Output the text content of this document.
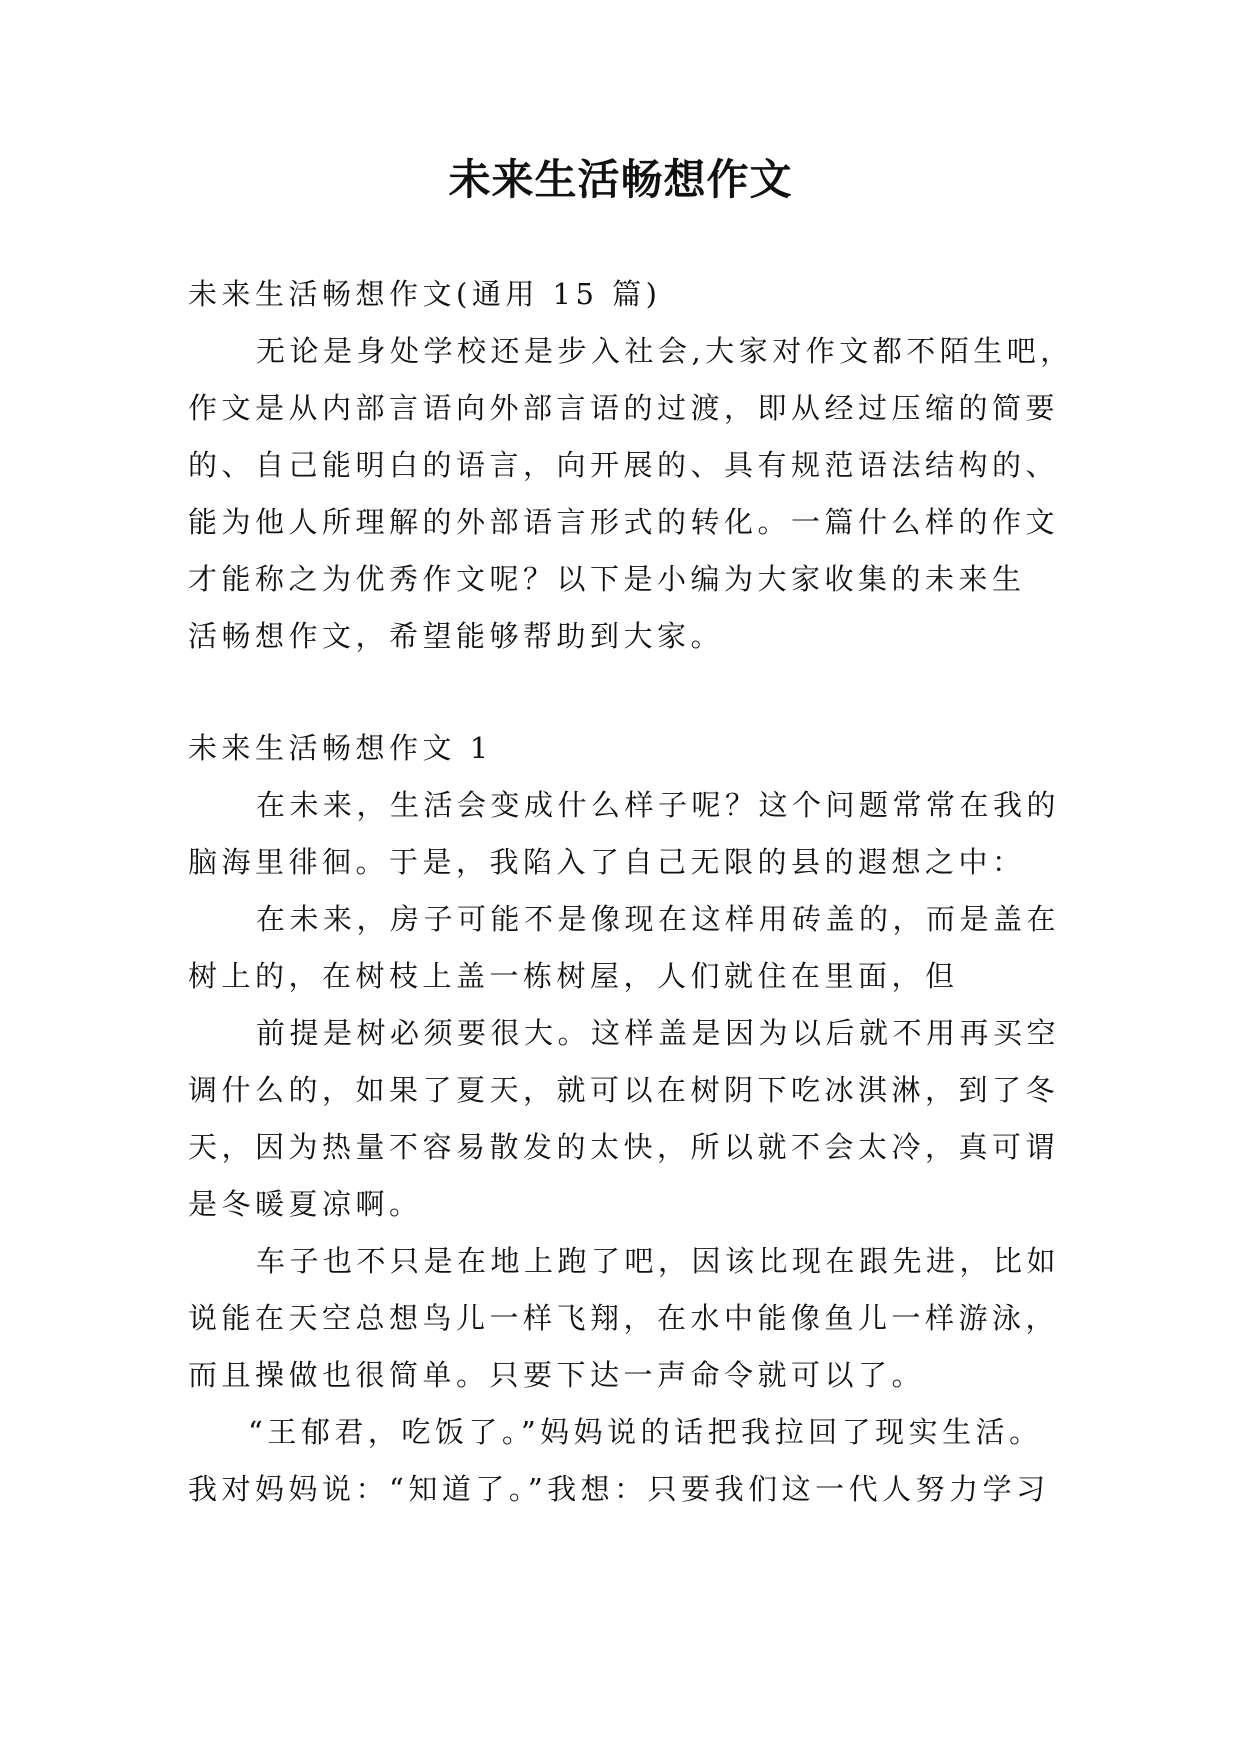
未来生活畅想作文
未来生活畅想作文(通用 15 篇)
无论是身处学校还是步入社会,大家对作文都不陌生吧，
作文是从内部言语向外部言语的过渡，即从经过压缩的简要
的、自己能明白的语言，向开展的、具有规范语法结构的、
能为他人所理解的外部语言形式的转化。一篇什么样的作文
才能称之为优秀作文呢？以下是小编为大家收集的未来生
活畅想作文，希望能够帮助到大家。
未来生活畅想作文 1
在未来，生活会变成什么样子呢？这个问题常常在我的
脑海里徘徊。于是，我陷入了自己无限的县的遐想之中：
在未来，房子可能不是像现在这样用砖盖的，而是盖在
树上的，在树枝上盖一栋树屋，人们就住在里面，但
前提是树必须要很大。这样盖是因为以后就不用再买空
调什么的，如果了夏天，就可以在树阴下吃冰淇淋，到了冬
天，因为热量不容易散发的太快，所以就不会太冷，真可谓
是冬暖夏凉啊。
车子也不只是在地上跑了吧，因该比现在跟先进，比如
说能在天空总想鸟儿一样飞翔，在水中能像鱼儿一样游泳，
而且操做也很简单。只要下达一声命令就可以了。
“王郁君，吃饭了。”妈妈说的话把我拉回了现实生活。
我对妈妈说：“知道了。”我想：只要我们这一代人努力学习
